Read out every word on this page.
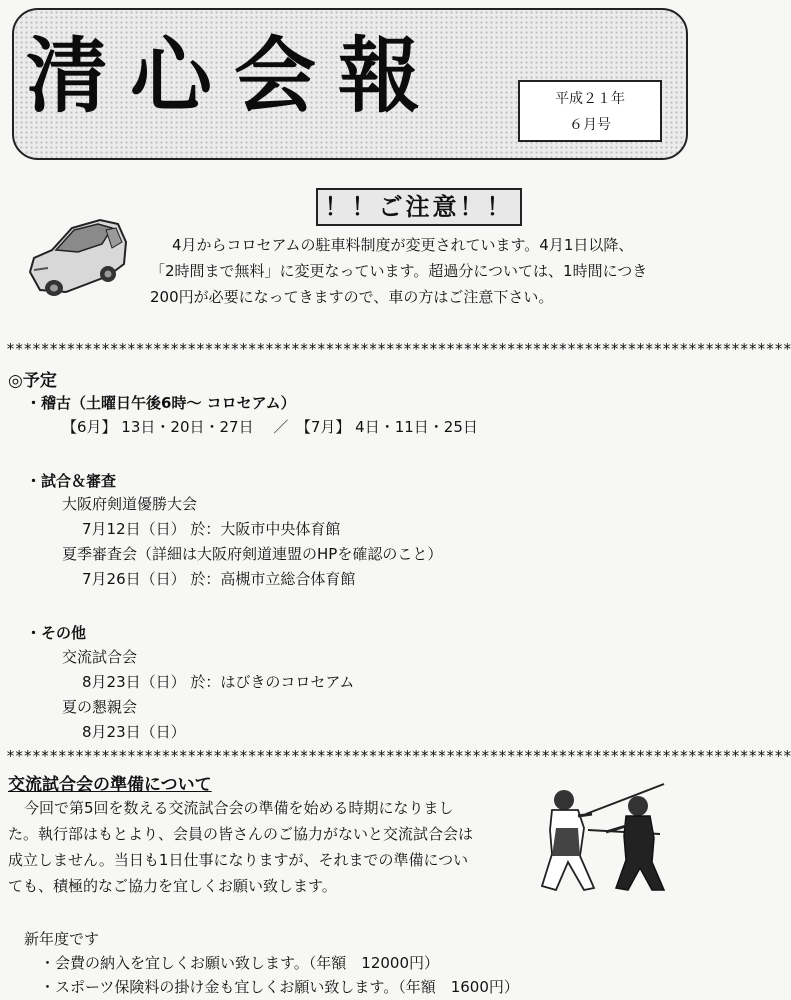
清心会報	平成２１年
６月号
！！ご注意！！
4月からコロセアムの駐車料制度が変更されています。4月1日以降、
「2時間まで無料」に変更なっています。超過分については、1時間につき
200円が必要になってきますので、車の方はご注意下さい。
*******************************************************************************************
◎予定
・稽古（土曜日午後6時～ コロセアム）
【6月】 13日・20日・27日　 ／　【7月】 4日・11日・25日
・試合＆審査
大阪府剣道優勝大会
7月12日（日） 於：大阪市中央体育館
夏季審査会（詳細は大阪府剣道連盟のHPを確認のこと）
7月26日（日） 於：高槻市立総合体育館
・その他
交流試合会
8月23日（日） 於：はびきのコロセアム
夏の懇親会
8月23日（日）
*******************************************************************************************
交流試合会の準備について
今回で第5回を数える交流試合会の準備を始める時期になりまし
た。執行部はもとより、会員の皆さんのご協力がないと交流試合会は
成立しません。当日も1日仕事になりますが、それまでの準備につい
ても、積極的なご協力を宜しくお願い致します。
新年度です
・会費の納入を宜しくお願い致します。（年額　12000円）
・スポーツ保険料の掛け金も宜しくお願い致します。（年額　1600円）
